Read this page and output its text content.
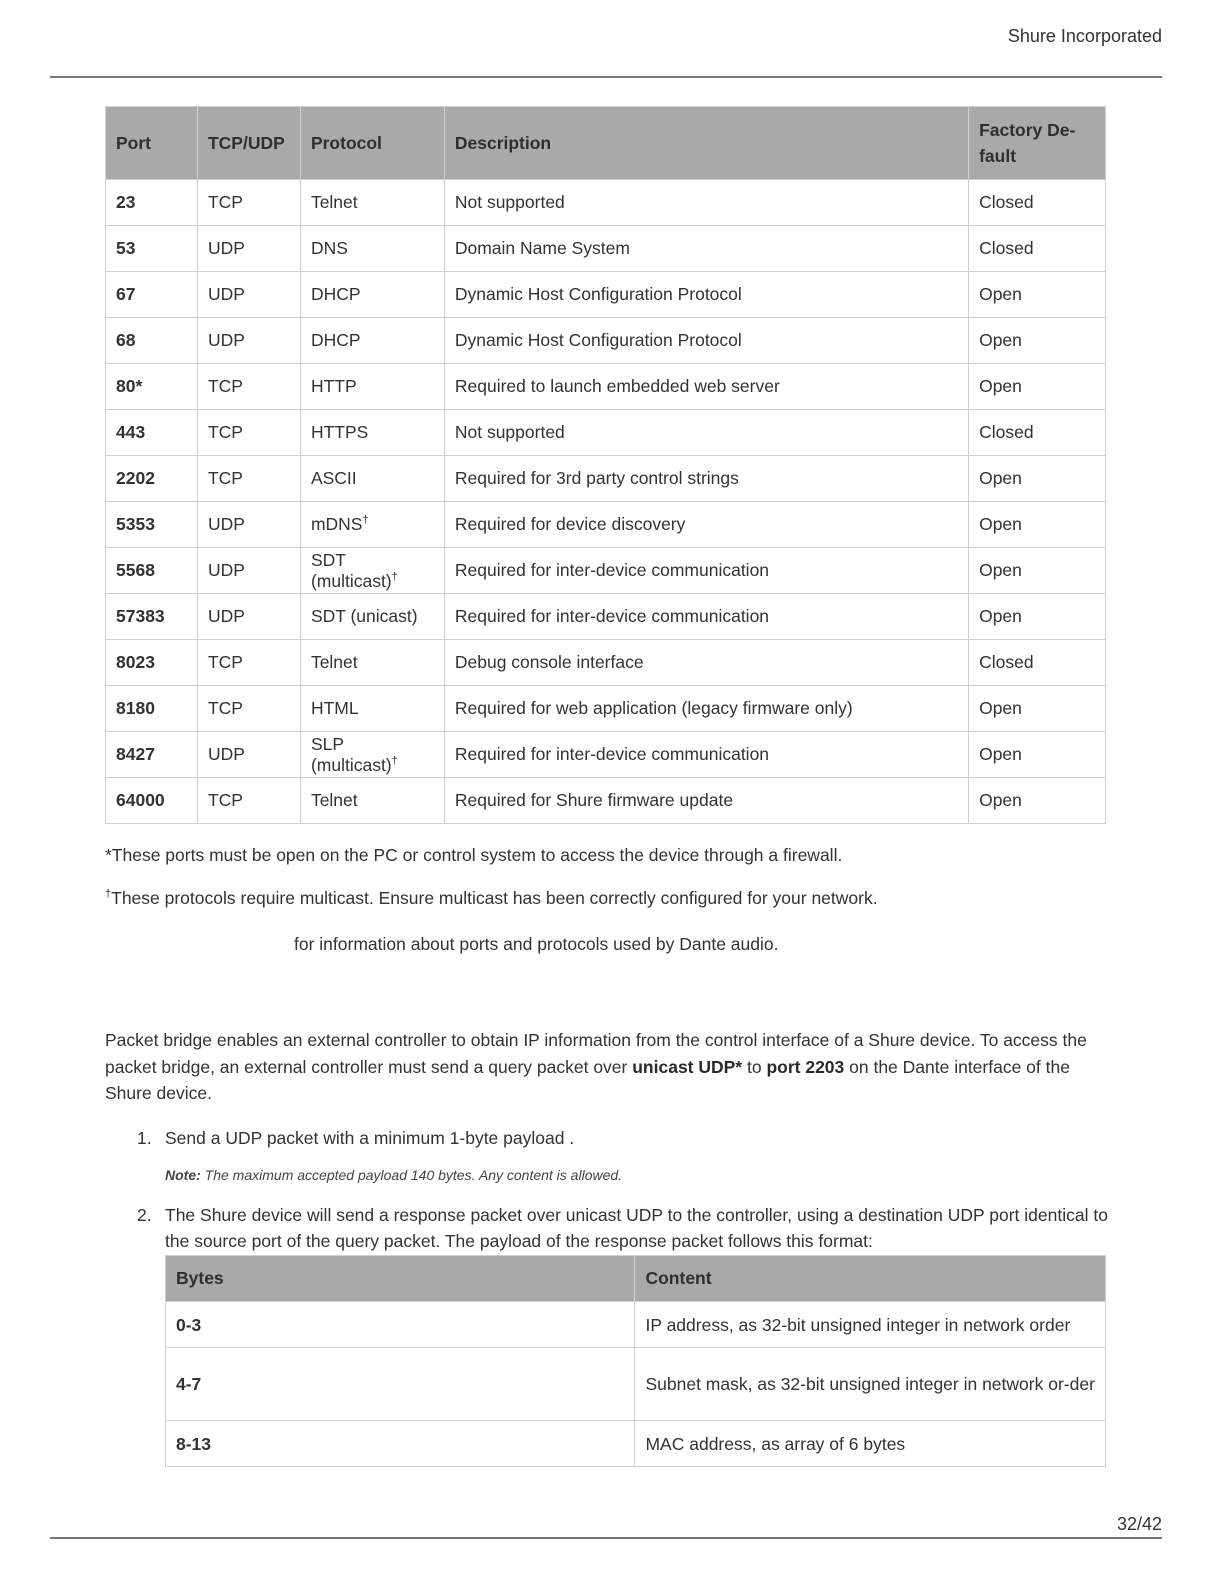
Shure Incorporated
Port	TCP/UDP	Protocol	Description	Factory De-fault
23	TCP	Telnet	Not supported	Closed
53	UDP	DNS	Domain Name System	Closed
67	UDP	DHCP	Dynamic Host Configuration Protocol	Open
68	UDP	DHCP	Dynamic Host Configuration Protocol	Open
80*	TCP	HTTP	Required to launch embedded web server	Open
443	TCP	HTTPS	Not supported	Closed
2202	TCP	ASCII	Required for 3rd party control strings	Open
5353	UDP	mDNS†	Required for device discovery	Open
5568	UDP	SDT (multicast)†	Required for inter-device communication	Open
57383	UDP	SDT (unicast)	Required for inter-device communication	Open
8023	TCP	Telnet	Debug console interface	Closed
8180	TCP	HTML	Required for web application (legacy firmware only)	Open
8427	UDP	SLP (multicast)†	Required for inter-device communication	Open
64000	TCP	Telnet	Required for Shure firmware update	Open
*These ports must be open on the PC or control system to access the device through a firewall.
†These protocols require multicast. Ensure multicast has been correctly configured for your network.
for information about ports and protocols used by Dante audio.
Packet bridge enables an external controller to obtain IP information from the control interface of a Shure device. To access the packet bridge, an external controller must send a query packet over unicast UDP* to port 2203 on the Dante interface of the Shure device.
1. Send a UDP packet with a minimum 1-byte payload .
Note: The maximum accepted payload 140 bytes. Any content is allowed.
2. The Shure device will send a response packet over unicast UDP to the controller, using a destination UDP port identical to the source port of the query packet. The payload of the response packet follows this format:
Bytes	Content
0-3	IP address, as 32-bit unsigned integer in network order
4-7	Subnet mask, as 32-bit unsigned integer in network or-der
8-13	MAC address, as array of 6 bytes
32/42
